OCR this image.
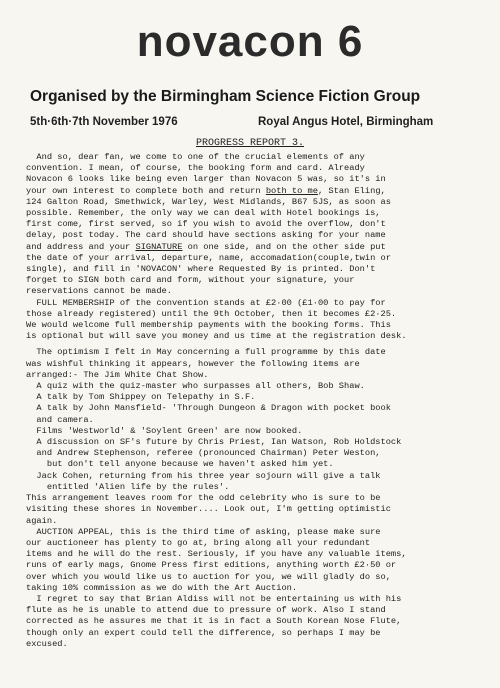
novacon 6
Organised by the Birmingham Science Fiction Group
5th·6th·7th November 1976	Royal Angus Hotel, Birmingham
PROGRESS REPORT 3.
And so, dear fan, we come to one of the crucial elements of any
convention. I mean, of course, the booking form and card. Already
Novacon 6 looks like being even larger than Novacon 5 was, so it's in
your own interest to complete both and return both to me, Stan Eling,
124 Galton Road, Smethwick, Warley, West Midlands, B67 5JS, as soon as
possible. Remember, the only way we can deal with Hotel bookings is,
first come, first served, so if you wish to avoid the overflow, don't
delay, post today. The card should have sections asking for your name
and address and your SIGNATURE on one side, and on the other side put
the date of your arrival, departure, name, accomadation(couple,twin or
single), and fill in 'NOVACON' where Requested By is printed. Don't
forget to SIGN both card and form, without your signature, your
reservations cannot be made.
FULL MEMBERSHIP of the convention stands at £2·00 (£1·00 to pay for
those already registered) until the 9th October, then it becomes £2·25.
We would welcome full membership payments with the booking forms. This
is optional but will save you money and us time at the registration desk.
The optimism I felt in May concerning a full programme by this date
was wishful thinking it appears, however the following items are
arranged:- The Jim White Chat Show.
A quiz with the quiz-master who surpasses all others, Bob Shaw.
A talk by Tom Shippey on Telepathy in S.F.
A talk by John Mansfield- 'Through Dungeon & Dragon with pocket book
and camera.
Films 'Westworld' & 'Soylent Green' are now booked.
A discussion on SF's future by Chris Priest, Ian Watson, Rob Holdstock
and Andrew Stephenson, referee (pronounced Chairman) Peter Weston,
but don't tell anyone because we haven't asked him yet.
Jack Cohen, returning from his three year sojourn will give a talk
entitled 'Alien life by the rules'.
This arrangement leaves room for the odd celebrity who is sure to be
visiting these shores in November.... Look out, I'm getting optimistic
again.
AUCTION APPEAL, this is the third time of asking, please make sure
our auctioneer has plenty to go at, bring along all your redundant
items and he will do the rest. Seriously, if you have any valuable items,
runs of early mags, Gnome Press first editions, anything worth £2·50 or
over which you would like us to auction for you, we will gladly do so,
taking 10% commission as we do with the Art Auction.
I regret to say that Brian Aldiss will not be entertaining us with his
flute as he is unable to attend due to pressure of work. Also I stand
corrected as he assures me that it is in fact a South Korean Nose Flute,
though only an expert could tell the difference, so perhaps I may be
excused.
